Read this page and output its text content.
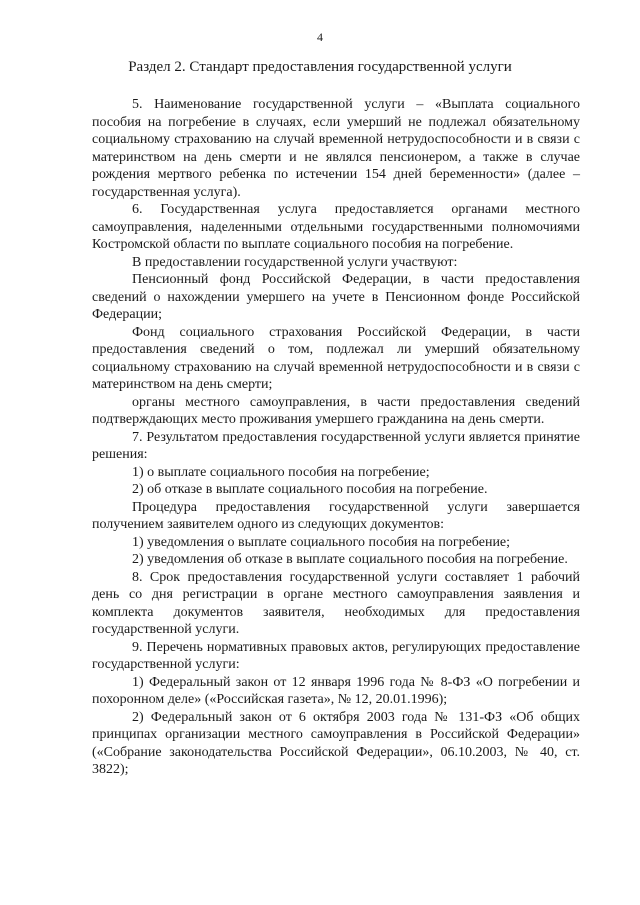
4
Раздел 2. Стандарт предоставления государственной услуги

5. Наименование государственной услуги – «Выплата социального пособия на погребение в случаях, если умерший не подлежал обязательному социальному страхованию на случай временной нетрудоспособности и в связи с материнством на день смерти и не являлся пенсионером, а также в случае рождения мертвого ребенка по истечении 154 дней беременности» (далее – государственная услуга).

6. Государственная услуга предоставляется органами местного самоуправления, наделенными отдельными государственными полномочиями Костромской области по выплате социального пособия на погребение.

В предоставлении государственной услуги участвуют:

Пенсионный фонд Российской Федерации, в части предоставления сведений о нахождении умершего на учете в Пенсионном фонде Российской Федерации;

Фонд социального страхования Российской Федерации, в части предоставления сведений о том, подлежал ли умерший обязательному социальному страхованию на случай временной нетрудоспособности и в связи с материнством на день смерти;

органы местного самоуправления, в части предоставления сведений подтверждающих место проживания умершего гражданина на день смерти.

7. Результатом предоставления государственной услуги является принятие решения:

1) о выплате социального пособия на погребение;

2) об отказе в выплате социального пособия на погребение.

Процедура предоставления государственной услуги завершается получением заявителем одного из следующих документов:

1) уведомления о выплате социального пособия на погребение;

2) уведомления об отказе в выплате социального пособия на погребение.

8. Срок предоставления государственной услуги составляет 1 рабочий день со дня регистрации в органе местного самоуправления заявления и комплекта документов заявителя, необходимых для предоставления государственной услуги.

9. Перечень нормативных правовых актов, регулирующих предоставление государственной услуги:

1) Федеральный закон от 12 января 1996 года № 8-ФЗ «О погребении и похоронном деле» («Российская газета», № 12, 20.01.1996);

2) Федеральный закон от 6 октября 2003 года № 131-ФЗ «Об общих принципах организации местного самоуправления в Российской Федерации» («Собрание законодательства Российской Федерации», 06.10.2003, № 40, ст. 3822);
